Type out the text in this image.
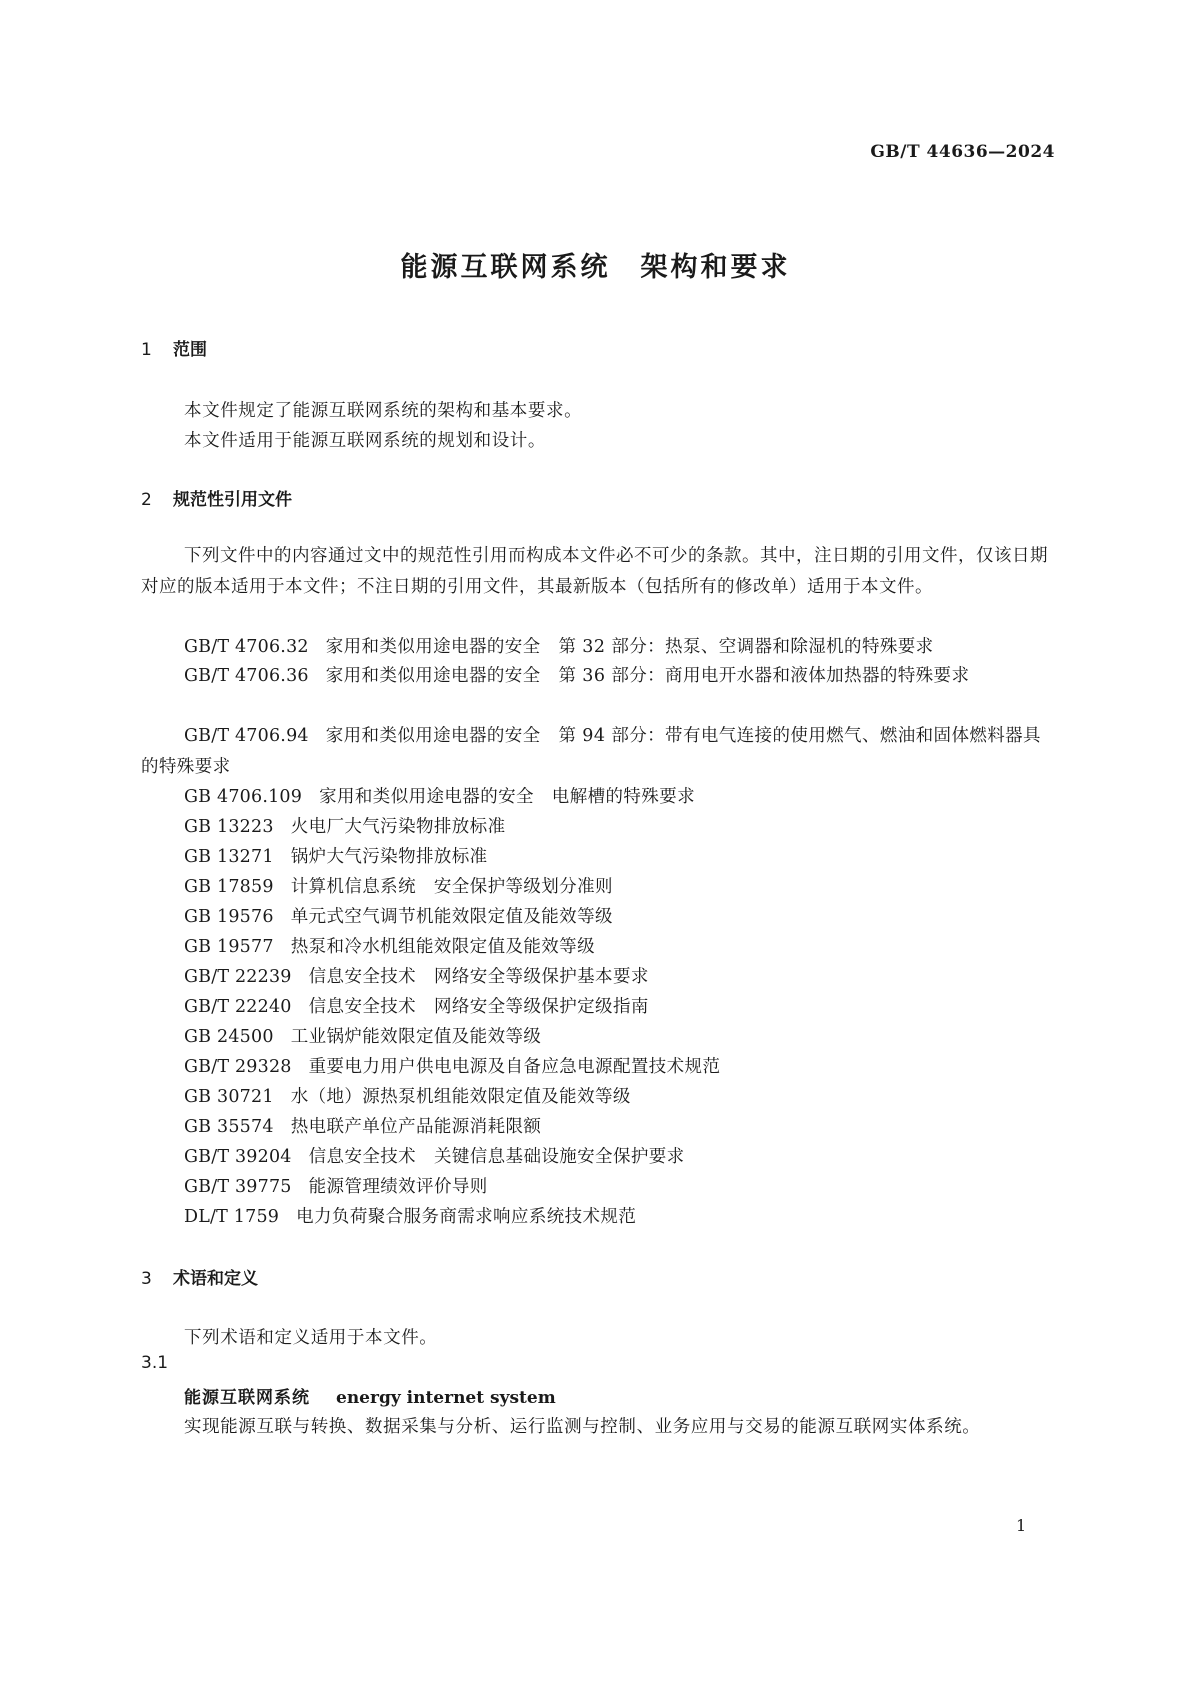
GB/T 44636—2024
能源互联网系统　架构和要求
1 范围
本文件规定了能源互联网系统的架构和基本要求。
本文件适用于能源互联网系统的规划和设计。
2 规范性引用文件
下列文件中的内容通过文中的规范性引用而构成本文件必不可少的条款。其中，注日期的引用文件，仅该日期对应的版本适用于本文件；不注日期的引用文件，其最新版本（包括所有的修改单）适用于本文件。
GB/T 4706.32 家用和类似用途电器的安全　第 32 部分：热泵、空调器和除湿机的特殊要求
GB/T 4706.36 家用和类似用途电器的安全　第 36 部分：商用电开水器和液体加热器的特殊要求
GB/T 4706.94 家用和类似用途电器的安全　第 94 部分：带有电气连接的使用燃气、燃油和固体燃料器具的特殊要求
GB 4706.109 家用和类似用途电器的安全　电解槽的特殊要求
GB 13223 火电厂大气污染物排放标准
GB 13271 锅炉大气污染物排放标准
GB 17859 计算机信息系统　安全保护等级划分准则
GB 19576 单元式空气调节机能效限定值及能效等级
GB 19577 热泵和冷水机组能效限定值及能效等级
GB/T 22239 信息安全技术　网络安全等级保护基本要求
GB/T 22240 信息安全技术　网络安全等级保护定级指南
GB 24500 工业锅炉能效限定值及能效等级
GB/T 29328 重要电力用户供电电源及自备应急电源配置技术规范
GB 30721 水（地）源热泵机组能效限定值及能效等级
GB 35574 热电联产单位产品能源消耗限额
GB/T 39204 信息安全技术　关键信息基础设施安全保护要求
GB/T 39775 能源管理绩效评价导则
DL/T 1759 电力负荷聚合服务商需求响应系统技术规范
3 术语和定义
下列术语和定义适用于本文件。
3.1
能源互联网系统 energy internet system
实现能源互联与转换、数据采集与分析、运行监测与控制、业务应用与交易的能源互联网实体系统。
1
